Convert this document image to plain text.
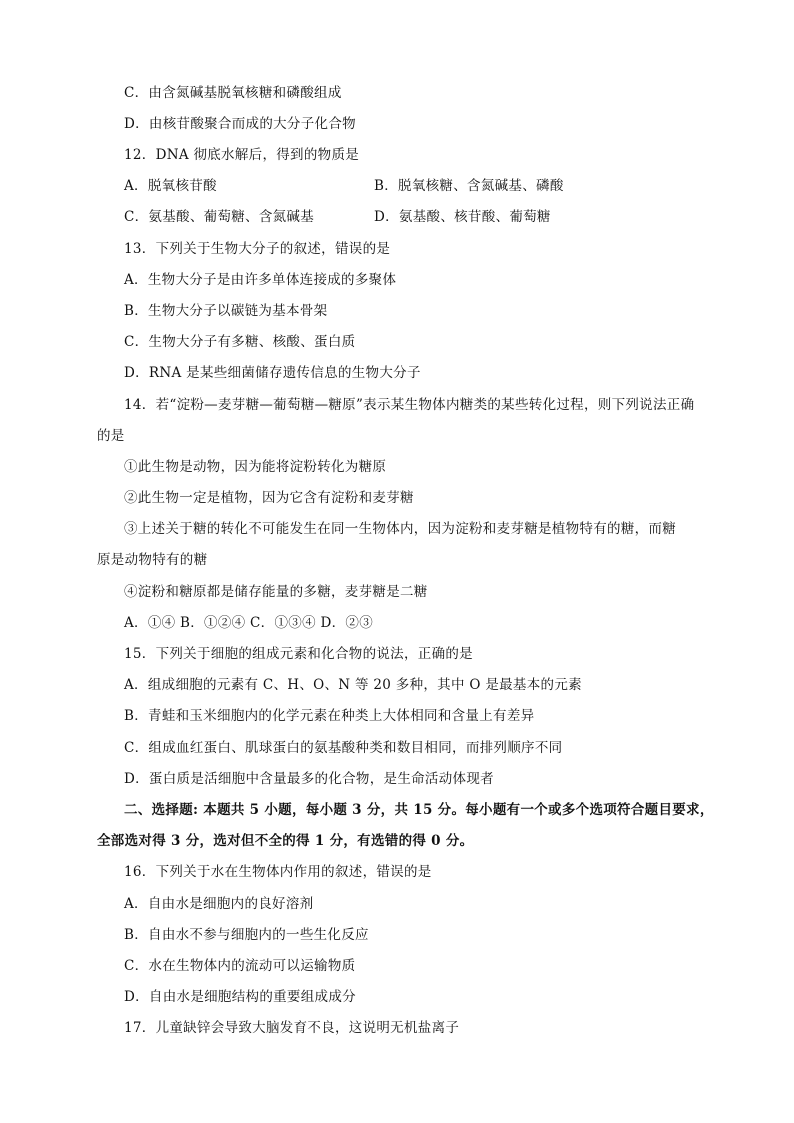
C．由含氮碱基脱氧核糖和磷酸组成
D．由核苷酸聚合而成的大分子化合物
12．DNA 彻底水解后，得到的物质是
A．脱氧核苷酸	B．脱氧核糖、含氮碱基、磷酸
C．氨基酸、葡萄糖、含氮碱基	D．氨基酸、核苷酸、葡萄糖
13．下列关于生物大分子的叙述，错误的是
A．生物大分子是由许多单体连接成的多聚体
B．生物大分子以碳链为基本骨架
C．生物大分子有多糖、核酸、蛋白质
D．RNA 是某些细菌储存遗传信息的生物大分子
14．若“淀粉—麦芽糖—葡萄糖—糖原”表示某生物体内糖类的某些转化过程，则下列说法正确
的是
①此生物是动物，因为能将淀粉转化为糖原
②此生物一定是植物，因为它含有淀粉和麦芽糖
③上述关于糖的转化不可能发生在同一生物体内，因为淀粉和麦芽糖是植物特有的糖，而糖
原是动物特有的糖
④淀粉和糖原都是储存能量的多糖，麦芽糖是二糖
A．①④ B．①②④ C．①③④ D．②③
15．下列关于细胞的组成元素和化合物的说法，正确的是
A．组成细胞的元素有 C、H、O、N 等 20 多种，其中 O 是最基本的元素
B．青蛙和玉米细胞内的化学元素在种类上大体相同和含量上有差异
C．组成血红蛋白、肌球蛋白的氨基酸种类和数目相同，而排列顺序不同
D．蛋白质是活细胞中含量最多的化合物，是生命活动体现者
二、选择题: 本题共 5 小题，每小题 3 分，共 15 分。每小题有一个或多个选项符合题目要求，
全部选对得 3 分，选对但不全的得 1 分，有选错的得 0 分。
16．下列关于水在生物体内作用的叙述，错误的是
A．自由水是细胞内的良好溶剂
B．自由水不参与细胞内的一些生化反应
C．水在生物体内的流动可以运输物质
D．自由水是细胞结构的重要组成成分
17．儿童缺锌会导致大脑发育不良，这说明无机盐离子
